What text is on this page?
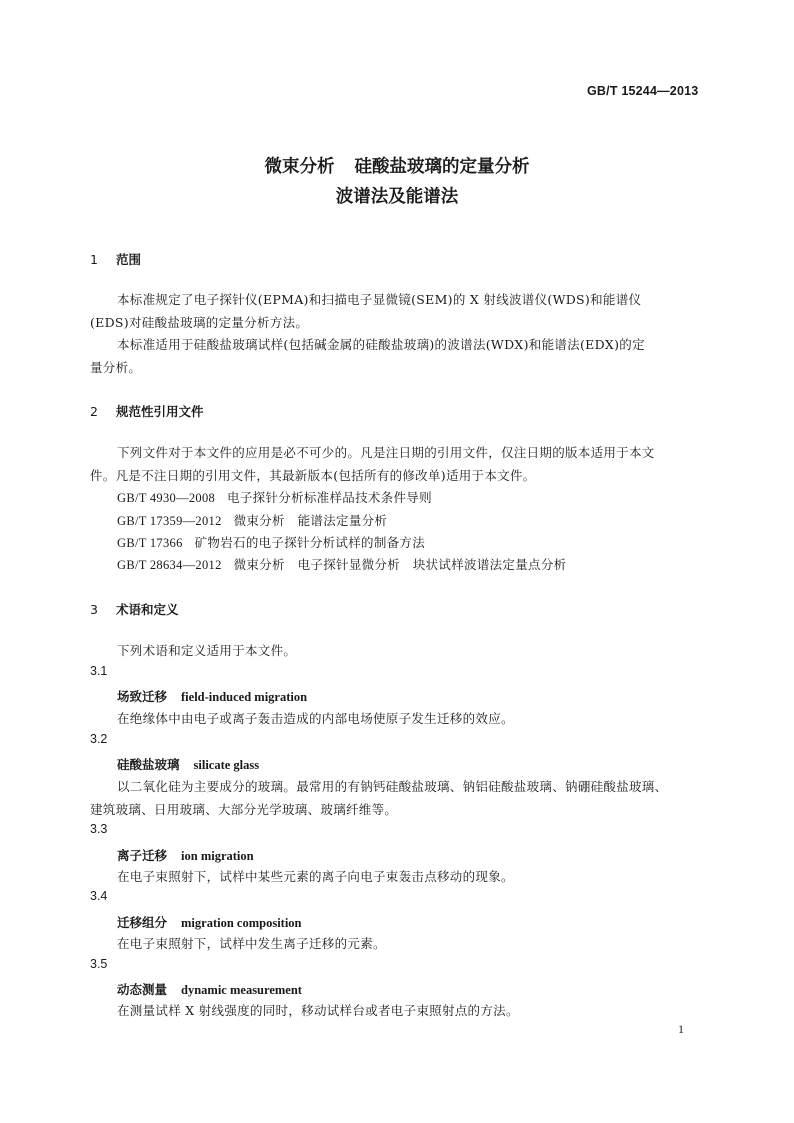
GB/T 15244—2013
微束分析 硅酸盐玻璃的定量分析
波谱法及能谱法
1 范围
本标准规定了电子探针仪(EPMA)和扫描电子显微镜(SEM)的 X 射线波谱仪(WDS)和能谱仪
(EDS)对硅酸盐玻璃的定量分析方法。
本标准适用于硅酸盐玻璃试样(包括碱金属的硅酸盐玻璃)的波谱法(WDX)和能谱法(EDX)的定
量分析。
2 规范性引用文件
下列文件对于本文件的应用是必不可少的。凡是注日期的引用文件，仅注日期的版本适用于本文
件。凡是不注日期的引用文件，其最新版本(包括所有的修改单)适用于本文件。
GB/T 4930—2008 电子探针分析标准样品技术条件导则
GB/T 17359—2012 微束分析　能谱法定量分析
GB/T 17366 矿物岩石的电子探针分析试样的制备方法
GB/T 28634—2012 微束分析　电子探针显微分析　块状试样波谱法定量点分析
3 术语和定义
下列术语和定义适用于本文件。
3.1
场致迁移 field-induced migration
在绝缘体中由电子或离子轰击造成的内部电场使原子发生迁移的效应。
3.2
硅酸盐玻璃 silicate glass
以二氧化硅为主要成分的玻璃。最常用的有钠钙硅酸盐玻璃、钠铝硅酸盐玻璃、钠硼硅酸盐玻璃、
建筑玻璃、日用玻璃、大部分光学玻璃、玻璃纤维等。
3.3
离子迁移 ion migration
在电子束照射下，试样中某些元素的离子向电子束轰击点移动的现象。
3.4
迁移组分 migration composition
在电子束照射下，试样中发生离子迁移的元素。
3.5
动态测量 dynamic measurement
在测量试样 X 射线强度的同时，移动试样台或者电子束照射点的方法。
1
